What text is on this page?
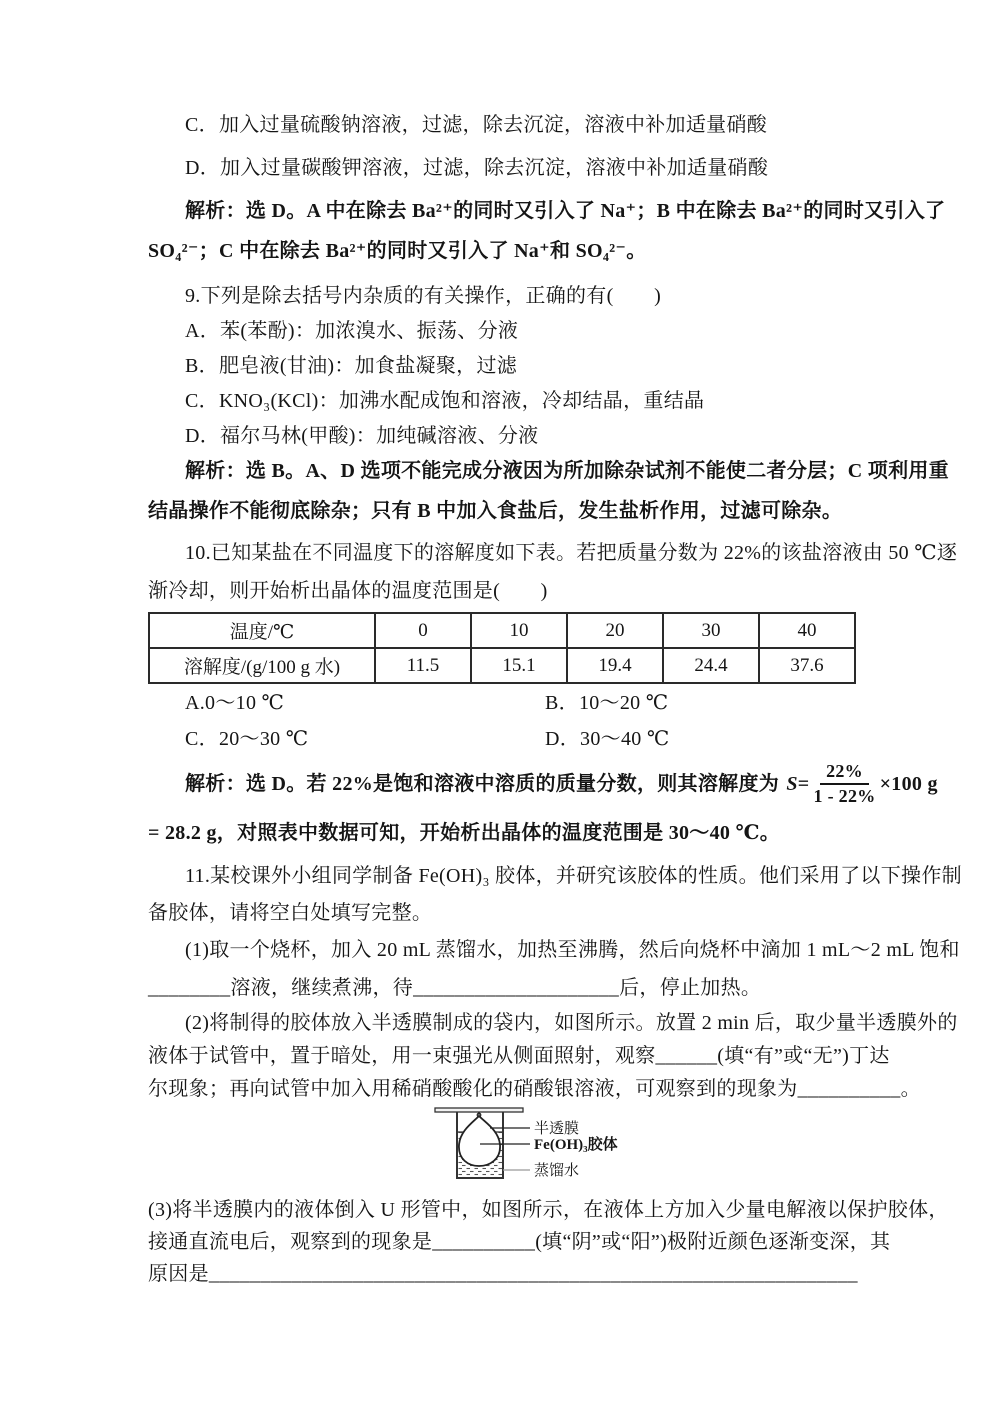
C．加入过量硫酸钠溶液，过滤，除去沉淀，溶液中补加适量硝酸
D．加入过量碳酸钾溶液，过滤，除去沉淀，溶液中补加适量硝酸
解析：选 D。A 中在除去 Ba²⁺的同时又引入了 Na⁺；B 中在除去 Ba²⁺的同时又引入了
SO₄²⁻；C 中在除去 Ba²⁺的同时又引入了 Na⁺和 SO₄²⁻。
9.下列是除去括号内杂质的有关操作，正确的有(　　)
A．苯(苯酚)：加浓溴水、振荡、分液
B．肥皂液(甘油)：加食盐凝聚，过滤
C．KNO₃(KCl)：加沸水配成饱和溶液，冷却结晶，重结晶
D．福尔马林(甲酸)：加纯碱溶液、分液
解析：选 B。A、D 选项不能完成分液因为所加除杂试剂不能使二者分层；C 项利用重
结晶操作不能彻底除杂；只有 B 中加入食盐后，发生盐析作用，过滤可除杂。
10.已知某盐在不同温度下的溶解度如下表。若把质量分数为 22%的该盐溶液由 50 ℃逐
渐冷却，则开始析出晶体的温度范围是(　　)
温度/℃	0	10	20	30	40
溶解度/(g/100 g 水)	11.5	15.1	19.4	24.4	37.6
A.0～10 ℃	B．10～20 ℃
C．20～30 ℃	D．30～40 ℃
解析：选 D。若 22%是饱和溶液中溶质的质量分数，则其溶解度为 $S = \frac{22\%}{1 - 22\%} \times 100$ g
= 28.2 g，对照表中数据可知，开始析出晶体的温度范围是 30～40 ℃。
11.某校课外小组同学制备 Fe(OH)₃ 胶体，并研究该胶体的性质。他们采用了以下操作制
备胶体，请将空白处填写完整。
(1)取一个烧杯，加入 20 mL 蒸馏水，加热至沸腾，然后向烧杯中滴加 1 mL～2 mL 饱和
________溶液，继续煮沸，待____________________后，停止加热。
(2)将制得的胶体放入半透膜制成的袋内，如图所示。放置 2 min 后，取少量半透膜外的
液体于试管中，置于暗处，用一束强光从侧面照射，观察______(填“有”或“无”)丁达
尔现象；再向试管中加入用稀硝酸酸化的硝酸银溶液，可观察到的现象为__________。
半透膜
Fe(OH)₃胶体
蒸馏水
(3)将半透膜内的液体倒入 U 形管中，如图所示，在液体上方加入少量电解液以保护胶体，
接通直流电后，观察到的现象是__________(填“阴”或“阳”)极附近颜色逐渐变深，其
原因是_______________________________________________________________
